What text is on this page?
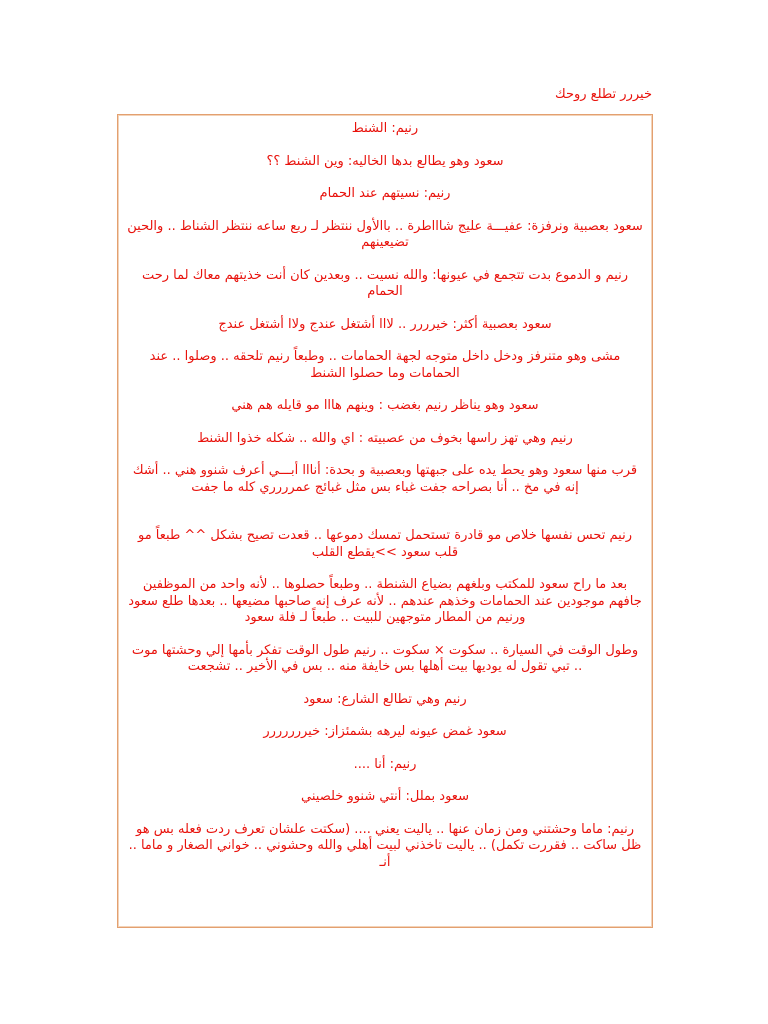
خيررر تطلع روحك

رنيم: الشنط

سعود وهو يطالع بدها الخاليه: وين الشنط ؟؟

رنيم: نسيتهم عند الحمام

سعود بعصبية ونرفزة: عفيـــة عليج شاااطرة .. باالأول ننتظر لـ ربع ساعه ننتظر الشناط .. والحين تضيعينهم

رنيم و الدموع بدت تتجمع في عيونها: والله نسيت .. وبعدين كان أنت خذيتهم معاك لما رحت الحمام

سعود بعصبية أكثر: خيرررر .. لااا أشتغل عندج ولاا أشتغل عندج

مشى وهو متنرفز ودخل داخل متوجه لجهة الحمامات .. وطبعاً رنيم تلحقه .. وصلوا .. عند الحمامات وما حصلوا الشنط

سعود وهو يناظر رنيم بغضب : وينهم هااا مو قايله هم هني

رنيم وهي تهز راسها بخوف من عصبيته : اي والله .. شكله خذوا الشنط

قرب منها سعود وهو يحط يده على جبهتها وبعصبية و بحدة: أنااا أبـــي أعرف شنوو هني .. أشك إنه في مخ .. أنا بصراحه جفت غباء بس مثل غبائج عمرررري كله ما جفت

رنيم تحس نفسها خلاص مو قادرة تستحمل تمسك دموعها .. قعدت تصيح بشكل ^^ طبعاً مو قلب سعود >>يقطع القلب

بعد ما راح سعود للمكتب وبلغهم بضياع الشنطة .. وطبعاً حصلوها .. لأنه واحد من الموظفين جافهم موجودين عند الحمامات وخذهم عندهم .. لأنه عرف إنه صاحبها مضيعها .. بعدها طلع سعود ورنيم من المطار متوجهين للبيت .. طبعاً لـ فلة سعود

وطول الوقت في السيارة .. سكوت × سكوت .. رنيم طول الوقت تفكر بأمها إلي وحشتها موت .. تبي تقول له يوديها بيت أهلها بس خايفة منه .. بس في الأخير .. تشجعت

رنيم وهي تطالع الشارع: سعود

سعود غمض عيونه ليرهه بشمئزاز: خيررررررر

رنيم: أنا ....

سعود بملل: أنتي شنوو خلصيني

رنيم: ماما وحشتني ومن زمان عنها .. ياليت يعني .... (سكتت علشان تعرف ردت فعله بس هو ظل ساكت .. فقررت تكمل) .. ياليت تاخذني لبيت أهلي والله وحشوني .. خواني الصغار و ماما .. أنـ
